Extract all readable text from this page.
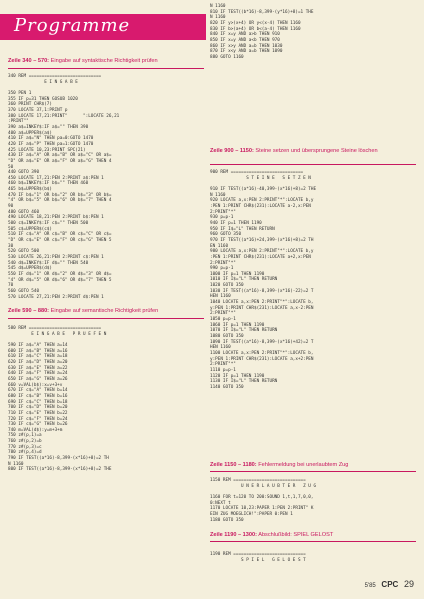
Programme
Zeile 340 – 570: Eingabe auf syntaktische Richtigkeit prüfen
340 REM ============================
E I N G A B E

350 PEN 1
355 IF p=31 THEN GOSUB 1020
360 PRINT CHR$(7)
370 LOCATE 37,1:PRINT p
380 LOCATE 17,21:PRINT"      ":LOCATE 26,21
:PRINT""
390 a$=INKEY$:IF a$="" THEN 390
400 a$=UPPER$(a$)
410 IF a$="N" THEN pa=0:GOTO 1470
420 IF a$="P" THEN pa=1:GOTO 1470
425 LOCATE 10,23:PRINT SPC(21)
430 IF a$="A" OR a$="B" OR a$="C" OR a$=
"D" OR a$="E" OR a$="F" OR a$="G" THEN 4
50
440 GOTO 390
450 LOCATE 17,21:PEN 2:PRINT a$:PEN 1
460 b$=INKEY$:IF b$="" THEN 460
465 b$=UPPER$(b$)
470 IF b$="1" OR b$="2" OR b$="3" OR b$=
"4" OR b$="5" OR b$="6" OR b$="7" THEN 4
90
480 GOTO 460
490 LOCATE 18,21:PEN 2:PRINT b$:PEN 1
500 c$=INKEY$:IF c$="" THEN 500
505 c$=UPPER$(c$)
510 IF c$="A" OR c$="B" OR c$="C" OR c$=
"D" OR c$="E" OR c$="F" OR c$="G" THEN 5
30
520 GOTO 500
530 LOCATE 26,21:PEN 2:PRINT c$:PEN 1
540 d$=INKEY$:IF d$="" THEN 540
545 d$=UPPER$(d$)
550 IF d$="1" OR d$="2" OR d$="3" OR d$=
"4" OR d$="5" OR d$="6" OR d$="7" THEN 5
70
560 GOTO 540
570 LOCATE 27,21:PEN 2:PRINT d$:PEN 1
Zeile 590 – 880: Eingabe auf semantische Richtigkeit prüfen
580 REM ============================
E I N G A B E   P R U E F E N

590 IF a$="A" THEN a=14
600 IF a$="B" THEN a=16
610 IF a$="C" THEN a=18
620 IF a$="D" THEN a=20
630 IF a$="E" THEN a=22
640 IF a$="F" THEN a=24
650 IF a$="G" THEN a=26
660 v=VAL(b$):x=v+3+v
670 IF c$="A" THEN b=14
680 IF c$="B" THEN b=16
690 IF c$="C" THEN b=18
700 IF c$="D" THEN b=20
710 IF c$="E" THEN b=22
720 IF c$="F" THEN b=24
730 IF c$="G" THEN b=26
740 m=VAL(d$):y=m+3+m
750 z#(p,1)=a
760 z#(p,2)=b
770 z#(p,3)=c
780 z#(p,4)=d
790 IF TEST((a*16)-8,399-(x*16)+8)=2 TH
N 1160
800 IF TEST((a*16)-8,399-(x*16)+8)=2 THE
N 1160
810 IF TEST((b*16)-8,399-(y*16)+8)=1 THE
N 1160
820 IF y>(x+4) OR y<(x-4) THEN 1160
830 IF b>(a+4) OR b<(a-4) THEN 1160
840 IF x=y AND a>b THEN 910
850 IF x=y AND a<b THEN 970
860 IF x>y AND a=b THEN 1030
870 IF x<y AND a=b THEN 1090
880 GOTO 1160
Zeile 900 – 1150: Steine setzen und übersprungene Steine löschen
900 REM ============================
S T E I N E   S E T Z E N

910 IF TEST((a*16)-40,399-(x*16)+8)=2 THE
N 1160
920 LOCATE a,x:PEN 2:PRINT"*":LOCATE b,y
:PEN 1:PRINT CHR$(231):LOCATE a-2,x:PEN
2:PRINT"*"
930 p=p-1
940 IF p=1 THEN 1190
950 IF I$="L" THEN RETURN
960 GOTO 350
970 IF TEST((a*16)+24,399-(x*16)+8)=2 TH
EN 1160
980 LOCATE a,x:PEN 2:PRINT"*":LOCATE b,y
:PEN 1:PRINT CHR$(231):LOCATE a+2,x:PEN
2:PRINT"*"
990 p=p-1
1000 IF p=1 THEN 1190
1010 IF I$="L" THEN RETURN
1020 GOTO 350
1030 IF TEST((a*16)-8,399-(x*16)-22)=2 T
HEN 1160
1040 LOCATE a,x:PEN 2:PRINT"*":LOCATE b,
y:PEN 1:PRINT CHR$(231):LOCATE a,x-2:PEN
2:PRINT"*"
1050 p=p-1
1060 IF p=1 THEN 1190
1070 IF I$="L" THEN RETURN
1080 GOTO 350
1090 IF TEST((a*16)-8,399-(x*16)+42)=2 T
HEN 1160
1100 LOCATE a,x:PEN 2:PRINT"*":LOCATE b,
y:PEN 1:PRINT CHR$(231):LOCATE a,x+2:PEN
2:PRINT"*"
1110 p=p-1
1120 IF p=1 THEN 1190
1130 IF I$="L" THEN RETURN
1140 GOTO 350
Zeile 1150 – 1180: Fehlermeldung bei unerlaubtem Zug
1150 REM ============================
U N E R L A U B T E R   Z U G

1160 FOR t=120 TO 200:SOUND 1,t,1,7,0,0,
0:NEXT t
1170 LOCATE 10,23:PAPER 1:PEN 2:PRINT" K
EIN ZUG MOEGLICH!":PAPER 0:PEN 1
1180 GOTO 350
Zeile 1190 – 1300: Abschlußbild: SPIEL GELOST
1190 REM ============================
S P I E L   G E L O E S T
5'85 CPC 29
